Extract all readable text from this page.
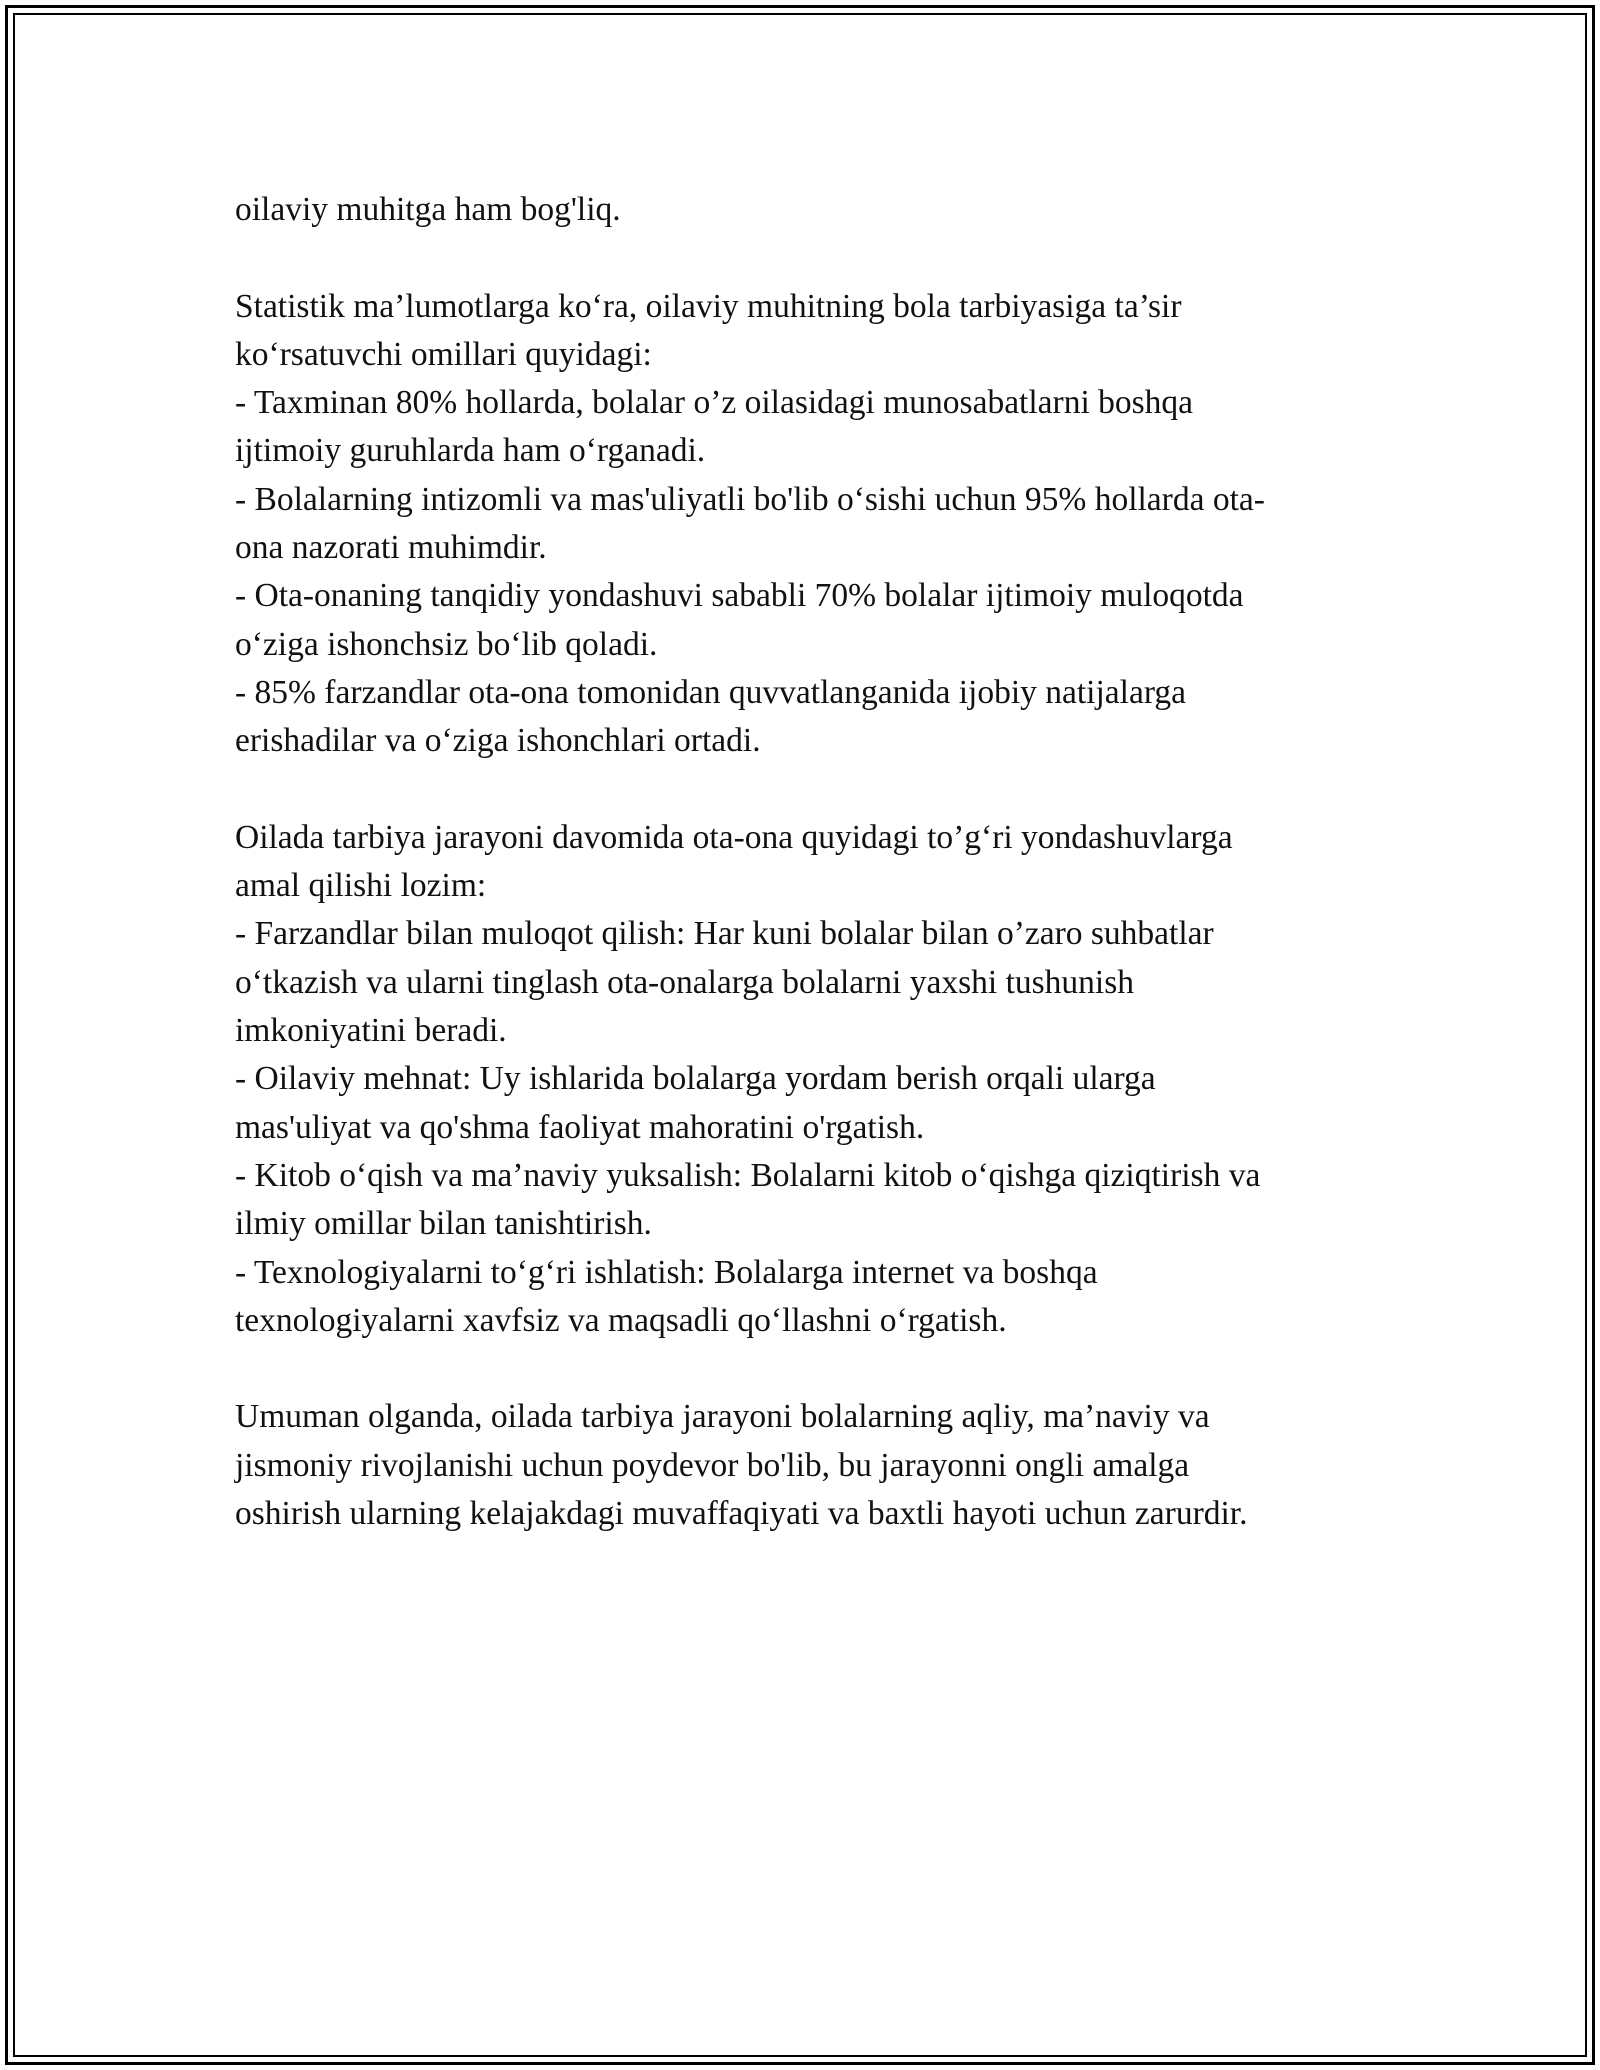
oilaviy muhitga ham bog'liq.
Statistik ma’lumotlarga ko‘ra, oilaviy muhitning bola tarbiyasiga ta’sir
ko‘rsatuvchi omillari quyidagi:
- Taxminan 80% hollarda, bolalar o’z oilasidagi munosabatlarni boshqa
ijtimoiy guruhlarda ham o‘rganadi.
- Bolalarning intizomli va mas'uliyatli bo'lib o‘sishi uchun 95% hollarda ota-
ona nazorati muhimdir.
- Ota-onaning tanqidiy yondashuvi sababli 70% bolalar ijtimoiy muloqotda
o‘ziga ishonchsiz bo‘lib qoladi.
- 85% farzandlar ota-ona tomonidan quvvatlanganida ijobiy natijalarga
erishadilar va o‘ziga ishonchlari ortadi.
Oilada tarbiya jarayoni davomida ota-ona quyidagi to’g‘ri yondashuvlarga
amal qilishi lozim:
- Farzandlar bilan muloqot qilish: Har kuni bolalar bilan o’zaro suhbatlar
o‘tkazish va ularni tinglash ota-onalarga bolalarni yaxshi tushunish
imkoniyatini beradi.
- Oilaviy mehnat: Uy ishlarida bolalarga yordam berish orqali ularga
mas'uliyat va qo'shma faoliyat mahoratini o'rgatish.
- Kitob o‘qish va ma’naviy yuksalish: Bolalarni kitob o‘qishga qiziqtirish va
ilmiy omillar bilan tanishtirish.
- Texnologiyalarni to‘g‘ri ishlatish: Bolalarga internet va boshqa
texnologiyalarni xavfsiz va maqsadli qo‘llashni o‘rgatish.
Umuman olganda, oilada tarbiya jarayoni bolalarning aqliy, ma’naviy va
jismoniy rivojlanishi uchun poydevor bo'lib, bu jarayonni ongli amalga
oshirish ularning kelajakdagi muvaffaqiyati va baxtli hayoti uchun zarurdir.
